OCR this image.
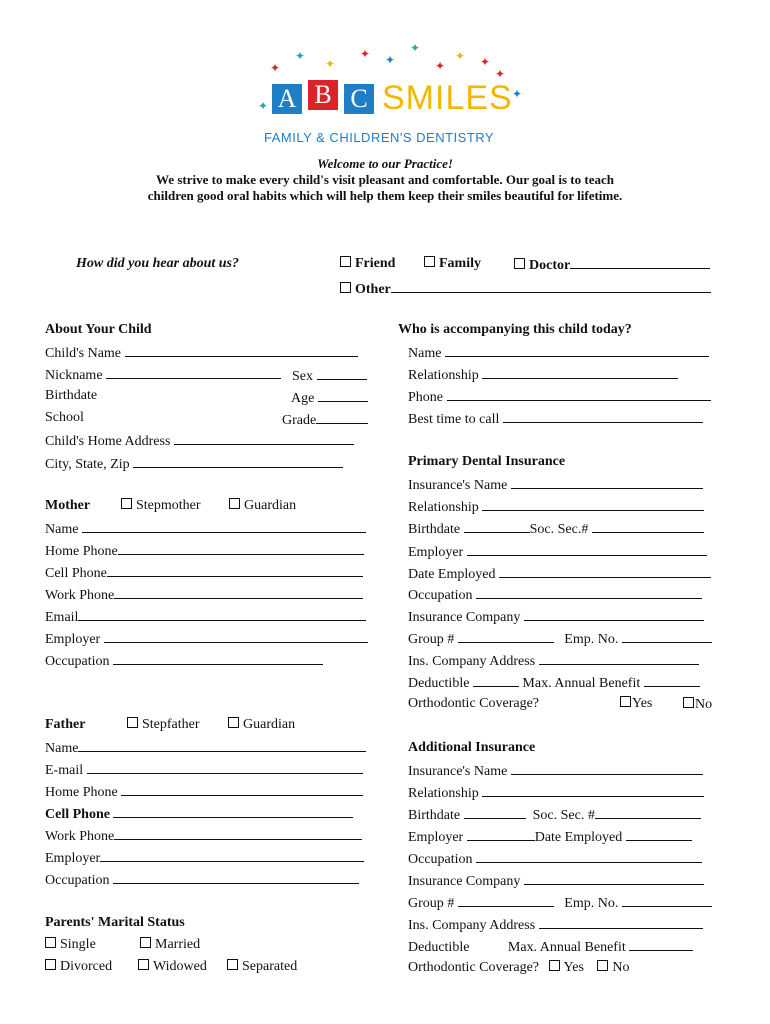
✦
✦
✦
✦ ✦
✦
✦
✦ ✦
✦
✦
✦
A B C SMILES
FAMILY & CHILDREN'S DENTISTRY
Welcome to our Practice!
We strive to make every child's visit pleasant and comfortable. Our goal is to teach
children good oral habits which will help them keep their smiles beautiful for lifetime.
How did you hear about us?	Friend	Family	Doctor
Other
About Your Child
Child's Name
Nickname	Sex
Birthdate	Age
School	Grade
Child's Home Address
City, State, Zip
Mother	Stepmother	Guardian
Name
Home Phone
Cell Phone
Work Phone
Email
Employer
Occupation
Father	Stepfather	Guardian
Name
E-mail
Home Phone
Cell Phone
Work Phone
Employer
Occupation
Parents' Marital Status
Single	Married
Divorced	Widowed	Separated
Who is accompanying this child today?
Name
Relationship
Phone
Best time to call
Primary Dental Insurance
Insurance's Name
Relationship
Birthdate	Soc. Sec.#
Employer
Date Employed
Occupation
Insurance Company
Group #	Emp. No.
Ins. Company Address
Deductible	Max. Annual Benefit
Orthodontic Coverage?	Yes	No
Additional Insurance
Insurance's Name
Relationship
Birthdate	Soc. Sec. #
Employer	Date Employed
Occupation
Insurance Company
Group #	Emp. No.
Ins. Company Address
Deductible	Max. Annual Benefit
Orthodontic Coverage? Yes No
